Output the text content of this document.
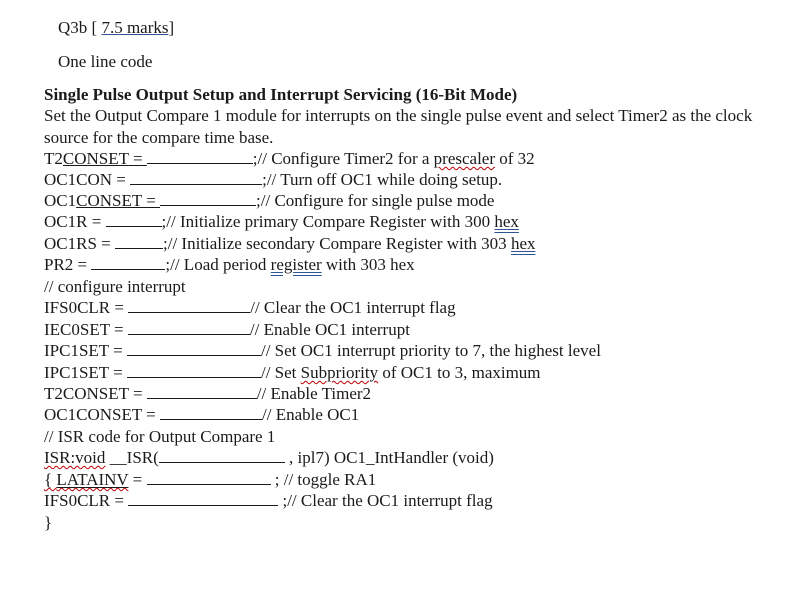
Q3b [ 7.5 marks]
One line code
Single Pulse Output Setup and Interrupt Servicing (16-Bit Mode)
Set the Output Compare 1 module for interrupts on the single pulse event and select Timer2 as the clock source for the compare time base.
T2CONSET =	;// Configure Timer2 for a prescaler of 32
OC1CON =	;// Turn off OC1 while doing setup.
OC1CONSET =	;// Configure for single pulse mode
OC1R =	;// Initialize primary Compare Register with 300 hex
OC1RS =	;// Initialize secondary Compare Register with 303 hex
PR2 =	;// Load period register with 303 hex
// configure interrupt
IFS0CLR =	// Clear the OC1 interrupt flag
IEC0SET =	// Enable OC1 interrupt
IPC1SET =	// Set OC1 interrupt priority to 7, the highest level
IPC1SET =	// Set Subpriority of OC1 to 3, maximum
T2CONSET =	// Enable Timer2
OC1CONSET =	// Enable OC1
// ISR code for Output Compare 1
ISR:void __ISR(	, ipl7) OC1_IntHandler (void)
{ LATAINV =	; // toggle RA1
IFS0CLR =	;// Clear the OC1 interrupt flag
}
